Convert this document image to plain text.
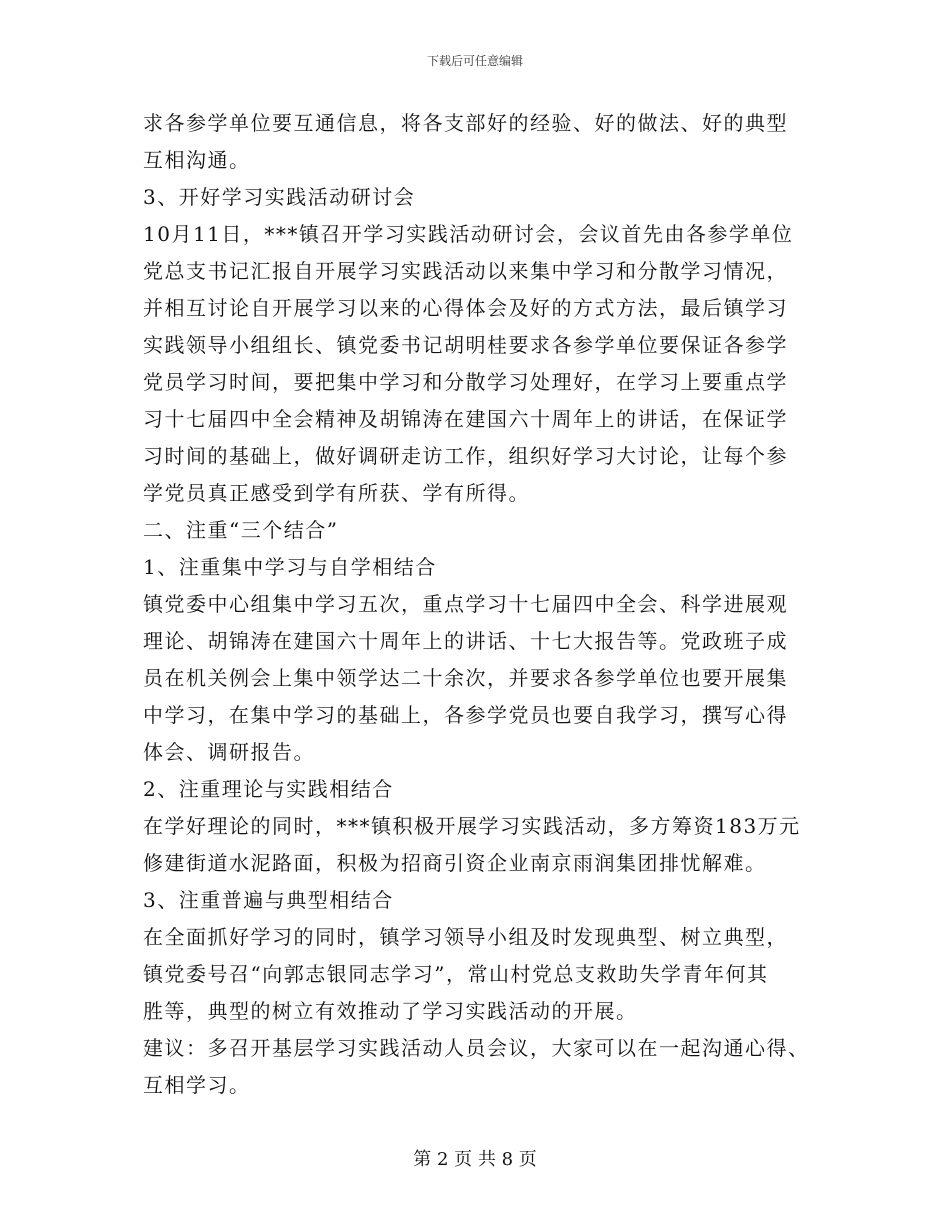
下载后可任意编辑
求各参学单位要互通信息，将各支部好的经验、好的做法、好的典型
互相沟通。
3、开好学习实践活动研讨会
10月11日，***镇召开学习实践活动研讨会，会议首先由各参学单位
党总支书记汇报自开展学习实践活动以来集中学习和分散学习情况，
并相互讨论自开展学习以来的心得体会及好的方式方法，最后镇学习
实践领导小组组长、镇党委书记胡明桂要求各参学单位要保证各参学
党员学习时间，要把集中学习和分散学习处理好，在学习上要重点学
习十七届四中全会精神及胡锦涛在建国六十周年上的讲话，在保证学
习时间的基础上，做好调研走访工作，组织好学习大讨论，让每个参
学党员真正感受到学有所获、学有所得。
二、注重“三个结合”
1、注重集中学习与自学相结合
镇党委中心组集中学习五次，重点学习十七届四中全会、科学进展观
理论、胡锦涛在建国六十周年上的讲话、十七大报告等。党政班子成
员在机关例会上集中领学达二十余次，并要求各参学单位也要开展集
中学习，在集中学习的基础上，各参学党员也要自我学习，撰写心得
体会、调研报告。
2、注重理论与实践相结合
在学好理论的同时，***镇积极开展学习实践活动，多方筹资183万元
修建街道水泥路面，积极为招商引资企业南京雨润集团排忧解难。
3、注重普遍与典型相结合
在全面抓好学习的同时，镇学习领导小组及时发现典型、树立典型，
镇党委号召“向郭志银同志学习”，常山村党总支救助失学青年何其
胜等，典型的树立有效推动了学习实践活动的开展。
建议：多召开基层学习实践活动人员会议，大家可以在一起沟通心得、
互相学习。
第 2 页 共 8 页
